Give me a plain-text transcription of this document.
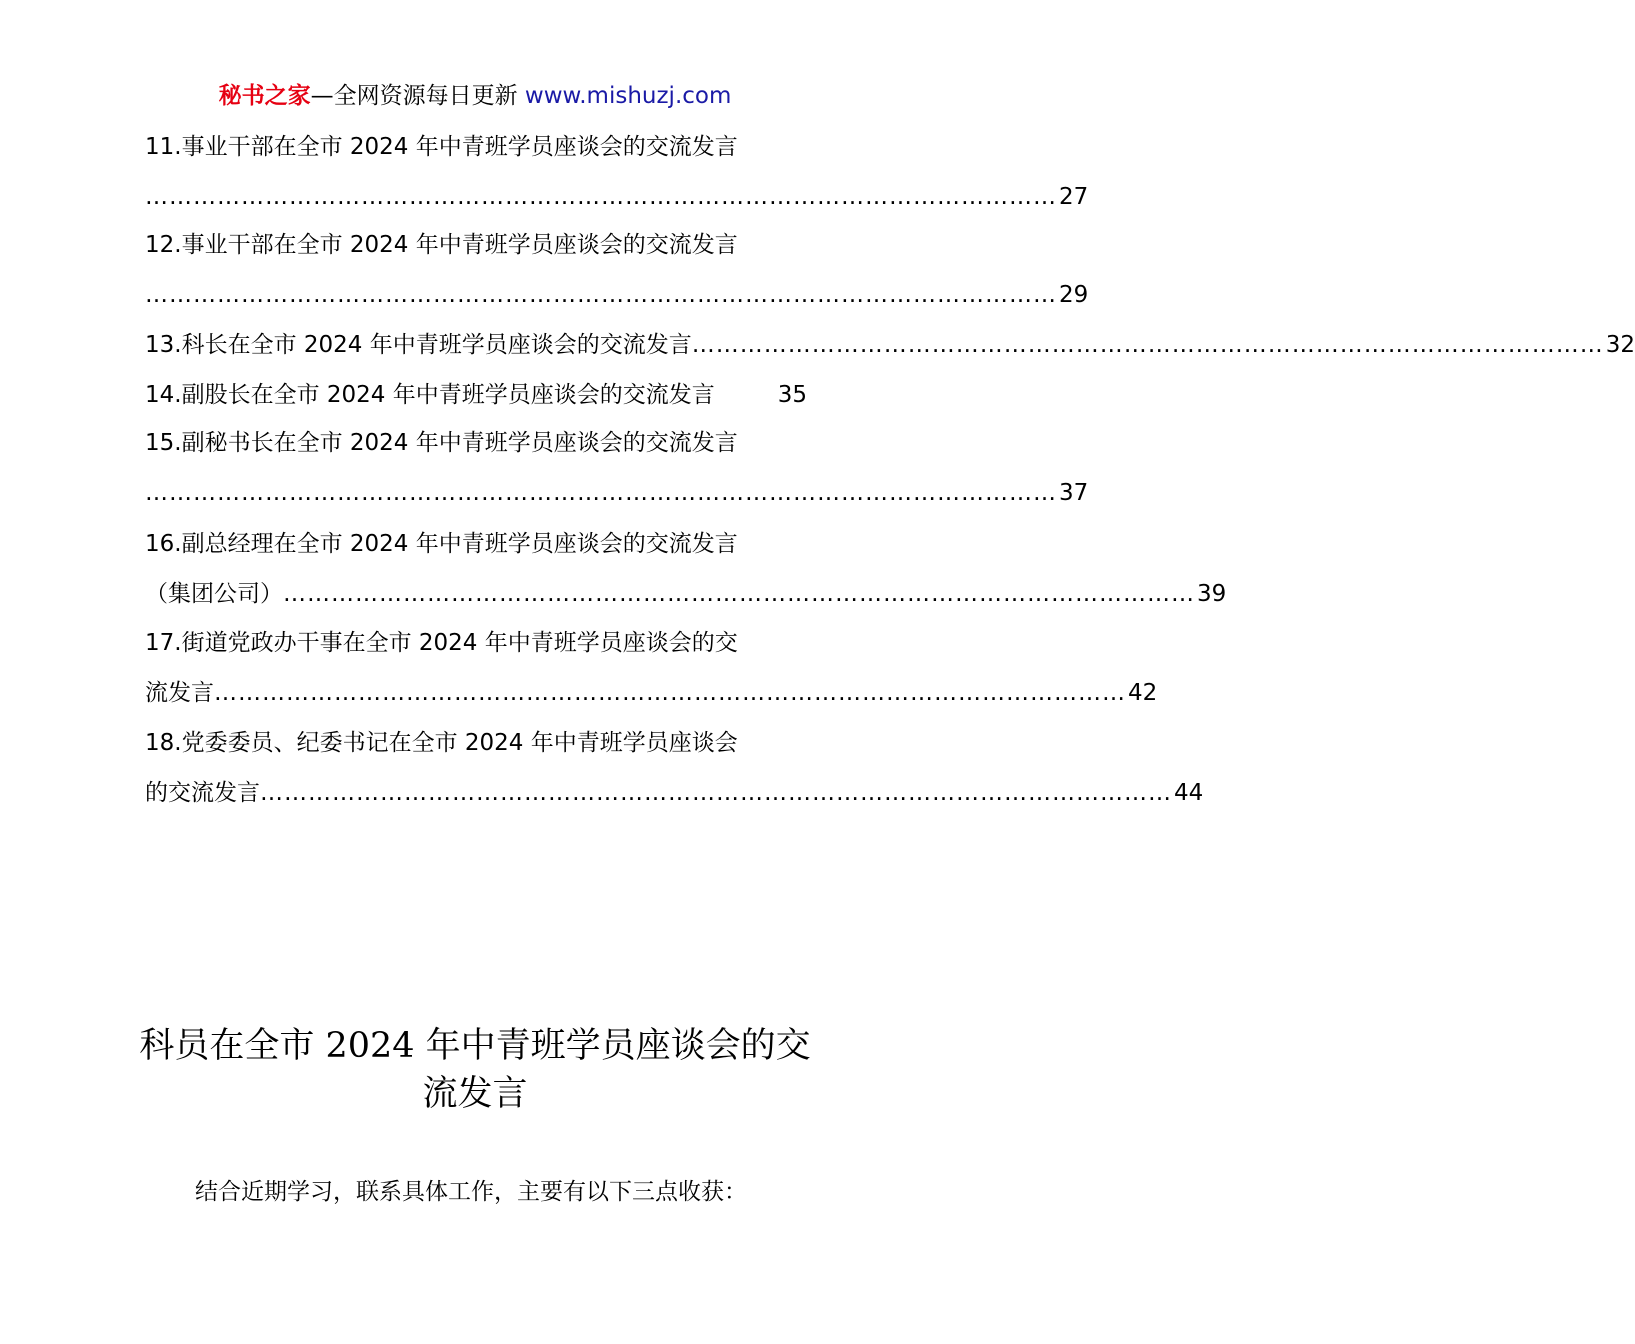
秘书之家—全网资源每日更新 www.mishuzj.com
11.事业干部在全市 2024 年中青班学员座谈会的交流发言
…………………………………………………………………………………………………… 27
12.事业干部在全市 2024 年中青班学员座谈会的交流发言
…………………………………………………………………………………………………… 29
13.科长在全市 2024 年中青班学员座谈会的交流发言 …………………………………………………………………………………………………… 32
14.副股长在全市 2024 年中青班学员座谈会的交流发言	35
15.副秘书长在全市 2024 年中青班学员座谈会的交流发言
…………………………………………………………………………………………………… 37
16.副总经理在全市 2024 年中青班学员座谈会的交流发言
（集团公司） …………………………………………………………………………………………………… 39
17.街道党政办干事在全市 2024 年中青班学员座谈会的交
流发言 …………………………………………………………………………………………………… 42
18.党委委员、纪委书记在全市 2024 年中青班学员座谈会
的交流发言 …………………………………………………………………………………………………… 44
科员在全市 2024 年中青班学员座谈会的交
流发言
结合近期学习，联系具体工作，主要有以下三点收获：
